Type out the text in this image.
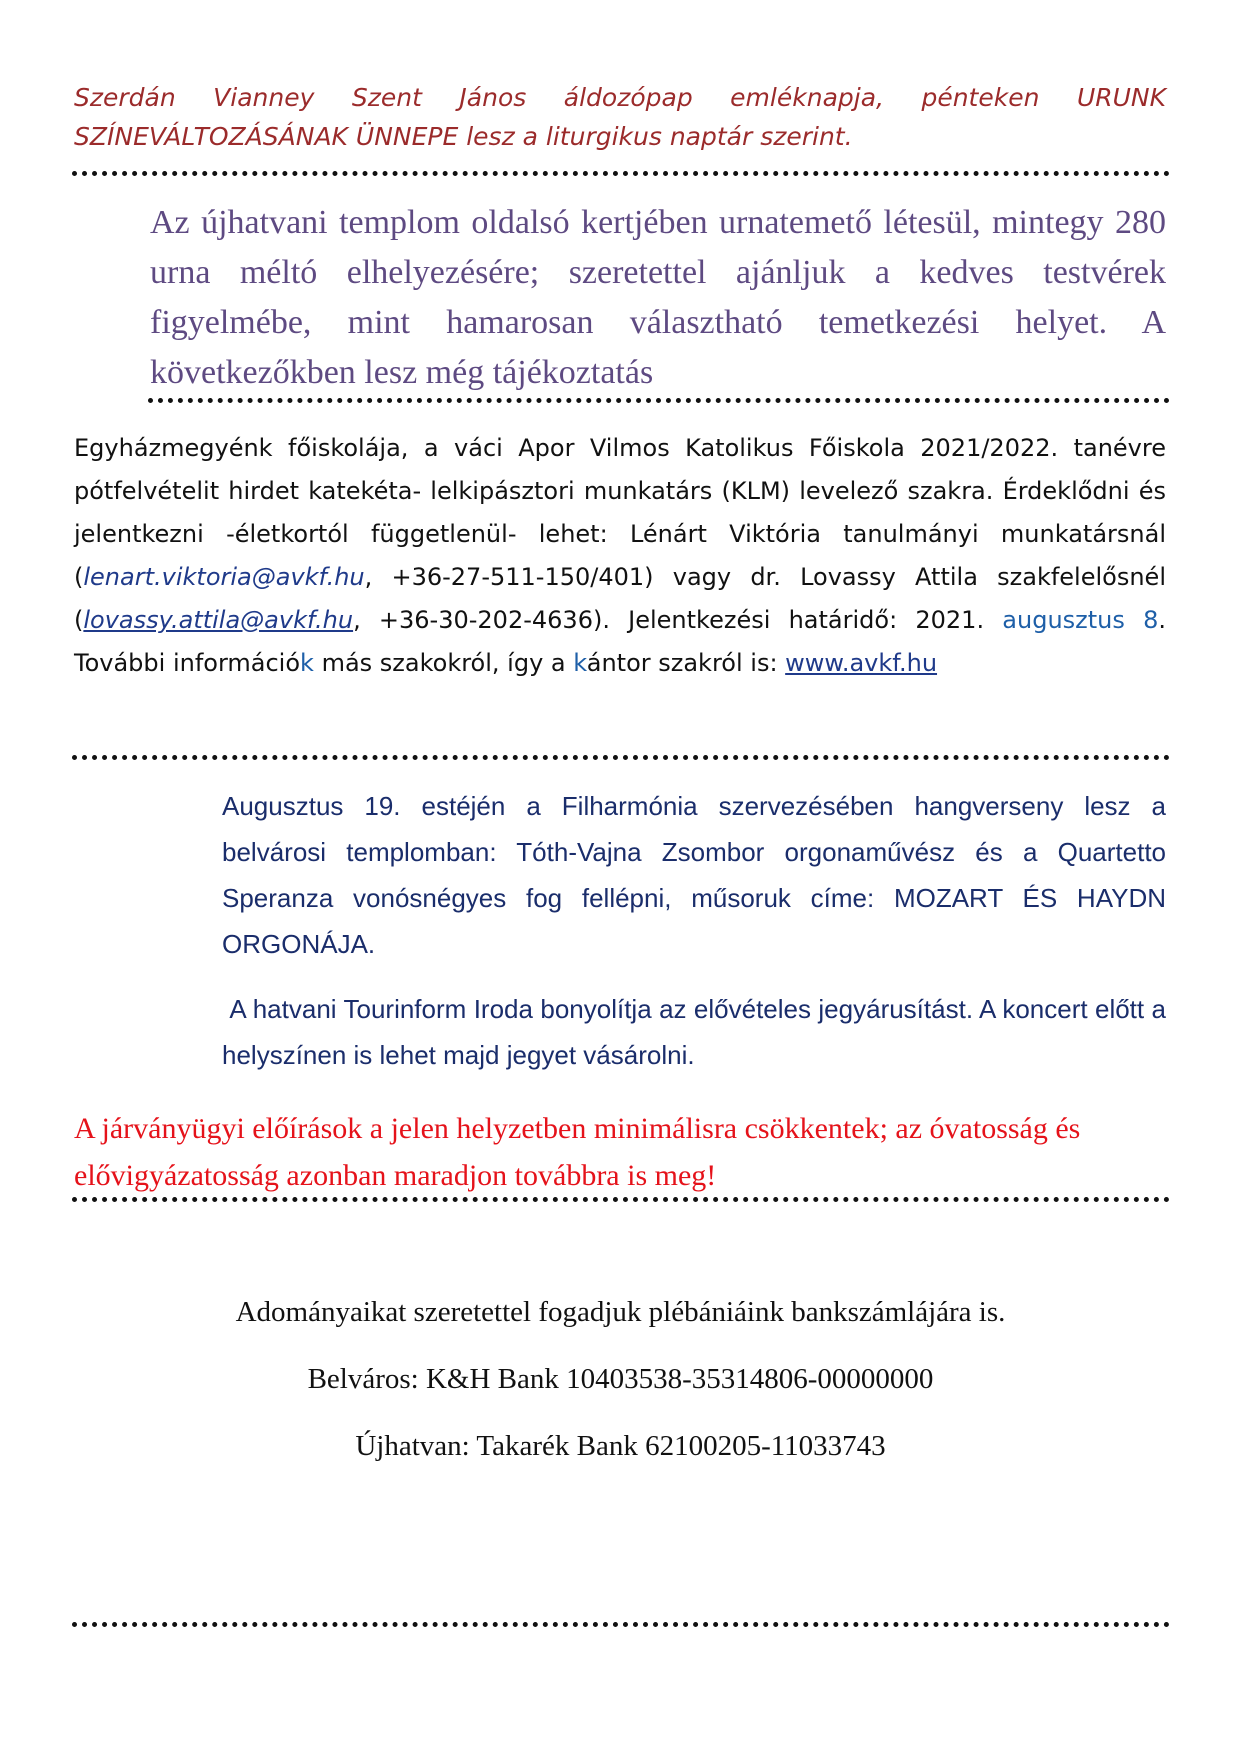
Szerdán Vianney Szent János áldozópap emléknapja, pénteken URUNK SZÍNEVÁLTOZÁSÁNAK ÜNNEPE lesz a liturgikus naptár szerint.

Az újhatvani templom oldalsó kertjében urnatemető létesül, mintegy 280 urna méltó elhelyezésére; szeretettel ajánljuk a kedves testvérek figyelmébe, mint hamarosan választható temetkezési helyet. A következőkben lesz még tájékoztatás

Egyházmegyénk főiskolája, a váci Apor Vilmos Katolikus Főiskola 2021/2022. tanévre pótfelvételit hirdet katekéta- lelkipásztori munkatárs (KLM) levelező szakra. Érdeklődni és jelentkezni -életkortól függetlenül- lehet: Lénárt Viktória tanulmányi munkatársnál (lenart.viktoria@avkf.hu, +36-27-511-150/401) vagy dr. Lovassy Attila szakfelelősnél (lovassy.attila@avkf.hu, +36-30-202-4636). Jelentkezési határidő: 2021. augusztus 8. További információk más szakokról, így a kántor szakról is: www.avkf.hu

Augusztus 19. estéjén a Filharmónia szervezésében hangverseny lesz a belvárosi templomban: Tóth-Vajna Zsombor orgonaművész és a Quartetto Speranza vonósnégyes fog fellépni, műsoruk címe: MOZART ÉS HAYDN ORGONÁJA.

A hatvani Tourinform Iroda bonyolítja az elővételes jegyárusítást. A koncert előtt a helyszínen is lehet majd jegyet vásárolni.

A járványügyi előírások a jelen helyzetben minimálisra csökkentek; az óvatosság és elővigyázatosság azonban maradjon továbbra is meg!

Adományaikat szeretettel fogadjuk plébániáink bankszámlájára is.

Belváros: K&H Bank 10403538-35314806-00000000

Újhatvan: Takarék Bank 62100205-11033743
